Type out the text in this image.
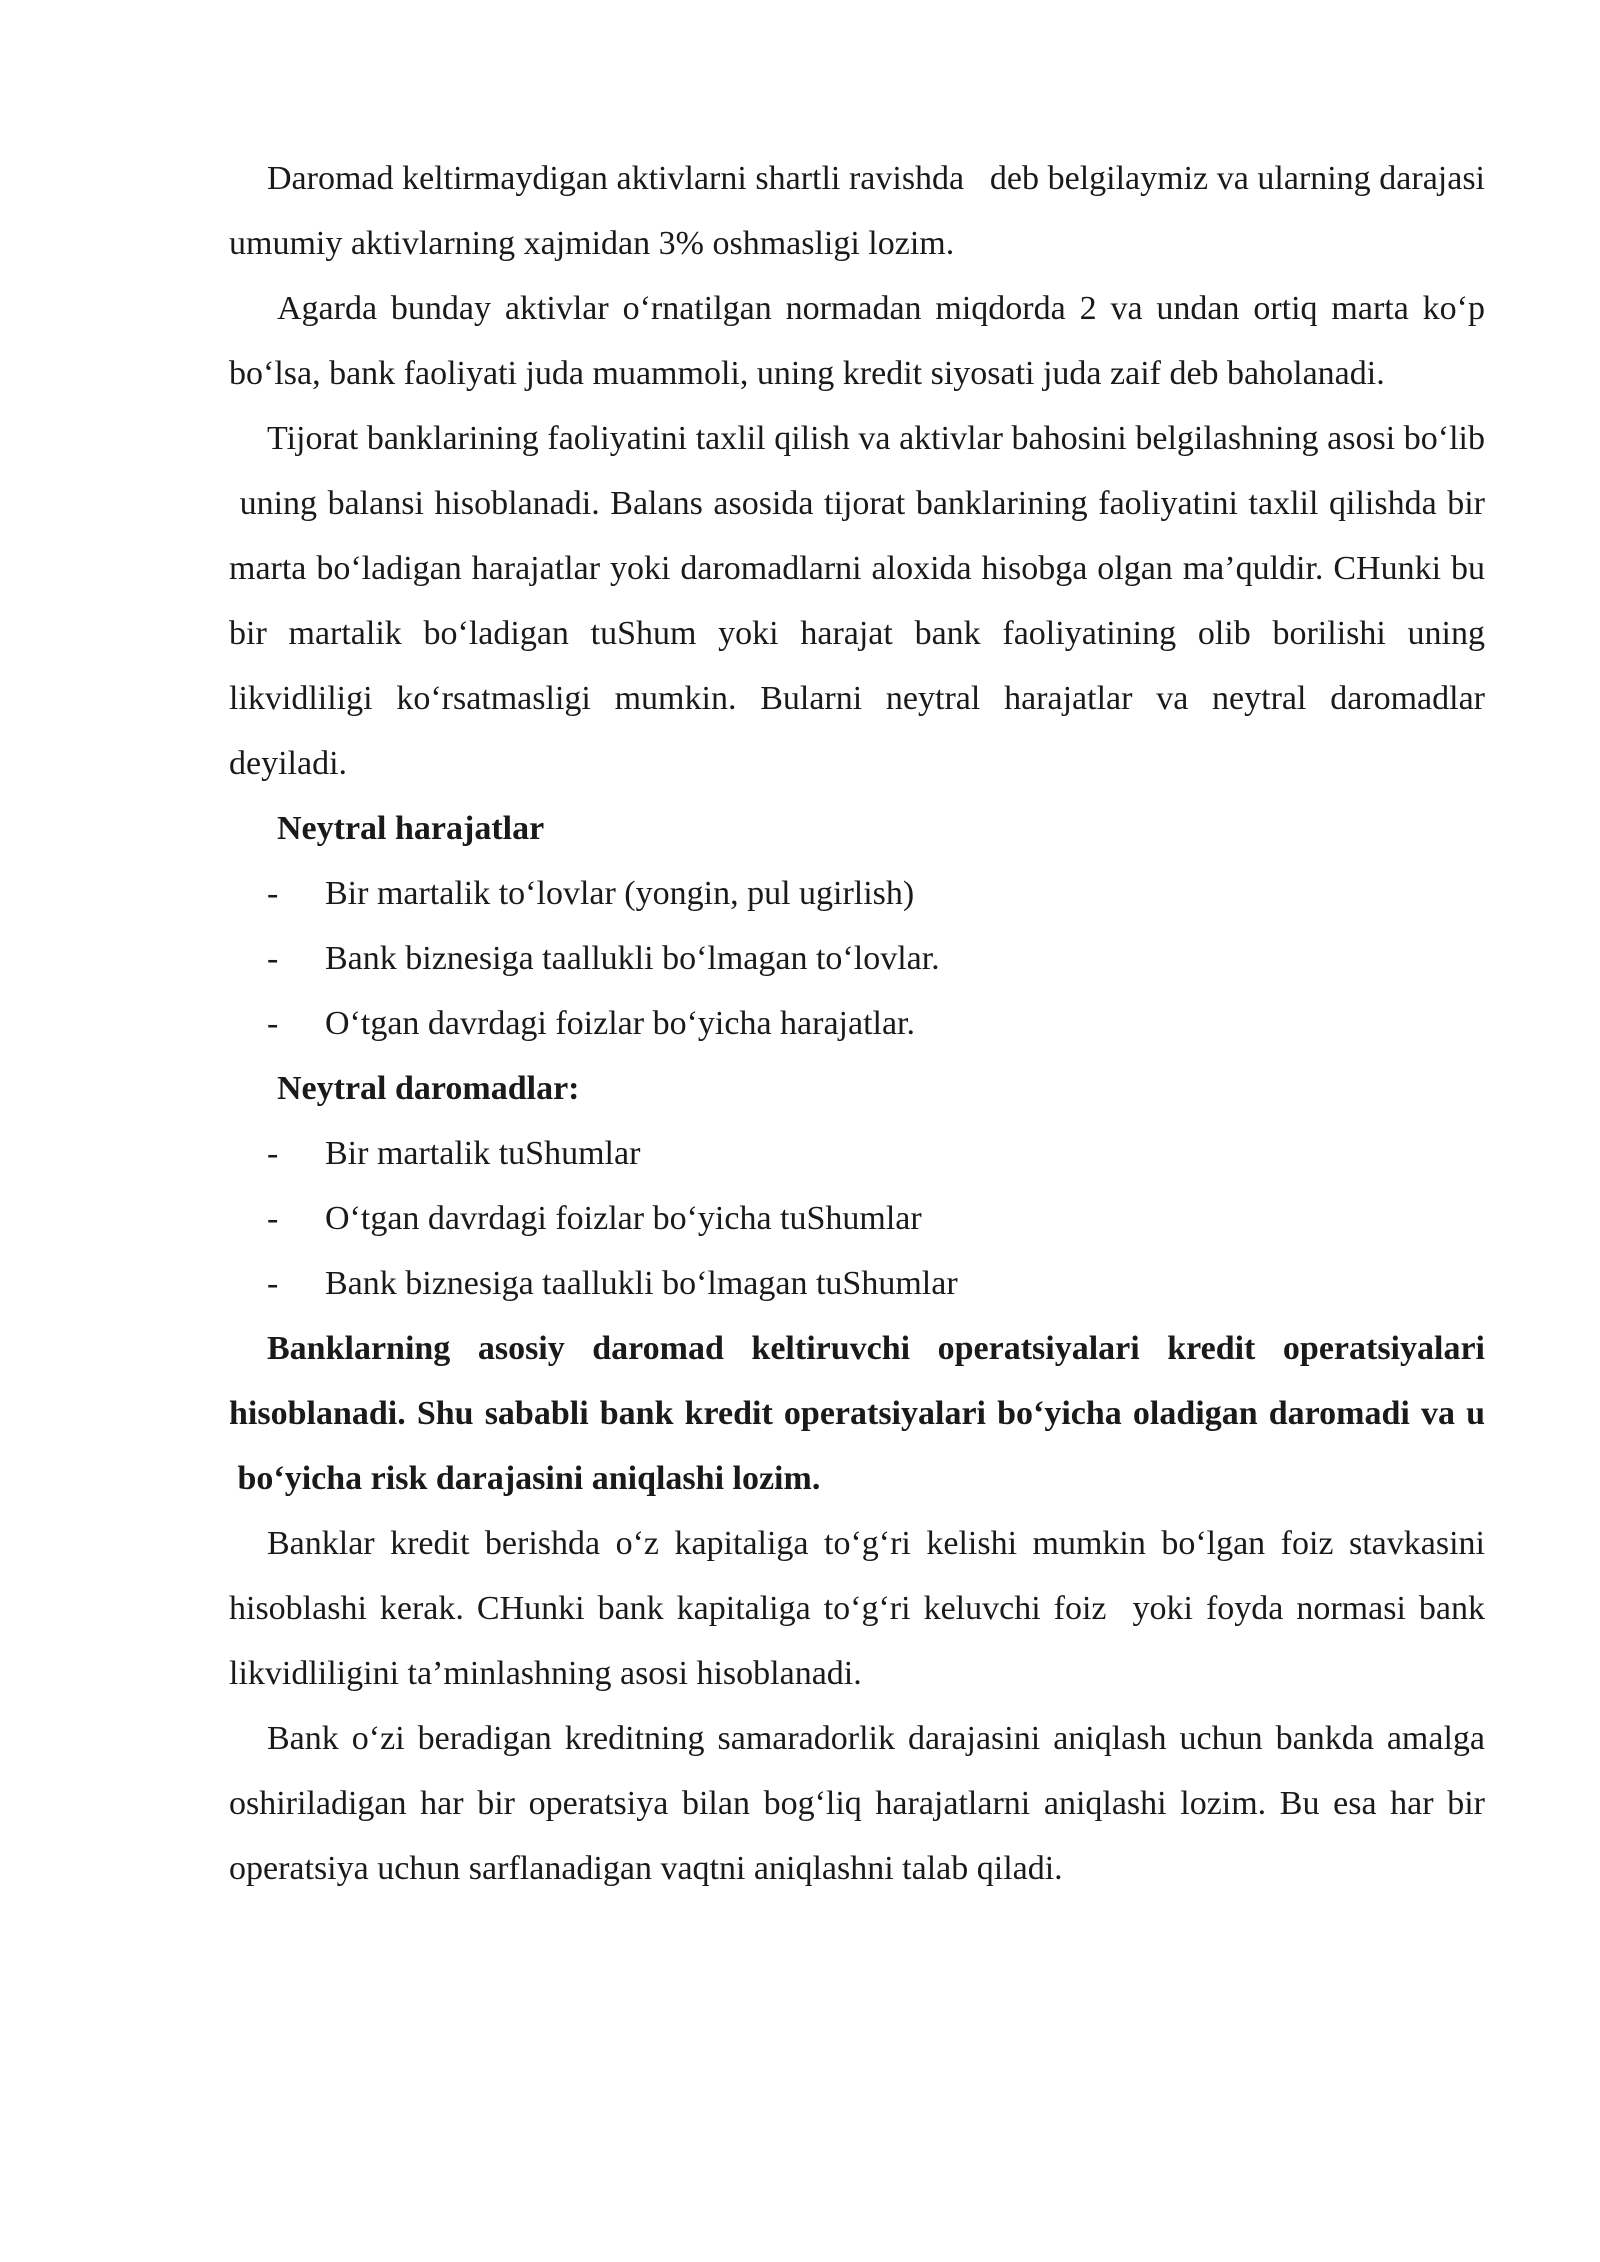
Daromad keltirmaydigan aktivlarni shartli ravishda   deb belgilaymiz va ularning darajasi umumiy aktivlarning xajmidan 3% oshmasligi lozim.

Agarda bunday aktivlar o‘rnatilgan normadan miqdorda 2 va undan ortiq marta ko‘p bo‘lsa, bank faoliyati juda muammoli, uning kredit siyosati juda zaif deb baholanadi.

Tijorat banklarining faoliyatini taxlil qilish va aktivlar bahosini belgilashning asosi bo‘lib  uning balansi hisoblanadi. Balans asosida tijorat banklarining faoliyatini taxlil qilishda bir marta bo‘ladigan harajatlar yoki daromadlarni aloxida hisobga olgan ma’quldir. CHunki bu bir martalik bo‘ladigan tuShum yoki harajat bank faoliyatining olib borilishi uning likvidliligi ko‘rsatmasligi mumkin. Bularni neytral harajatlar va neytral daromadlar deyiladi.

Neytral harajatlar

- Bir martalik to‘lovlar (yongin, pul ugirlish)
- Bank biznesiga taallukli bo‘lmagan to‘lovlar.
- O‘tgan davrdagi foizlar bo‘yicha harajatlar.

Neytral daromadlar:

- Bir martalik tuShumlar
- O‘tgan davrdagi foizlar bo‘yicha tuShumlar
- Bank biznesiga taallukli bo‘lmagan tuShumlar

Banklarning asosiy daromad keltiruvchi operatsiyalari kredit operatsiyalari hisoblanadi. Shu sababli bank kredit operatsiyalari bo‘yicha oladigan daromadi va u  bo‘yicha risk darajasini aniqlashi lozim.

Banklar kredit berishda o‘z kapitaliga to‘g‘ri kelishi mumkin bo‘lgan foiz stavkasini hisoblashi kerak. CHunki bank kapitaliga to‘g‘ri keluvchi foiz  yoki foyda normasi bank likvidliligini ta’minlashning asosi hisoblanadi.

Bank o‘zi beradigan kreditning samaradorlik darajasini aniqlash uchun bankda amalga oshiriladigan har bir operatsiya bilan bog‘liq harajatlarni aniqlashi lozim. Bu esa har bir operatsiya uchun sarflanadigan vaqtni aniqlashni talab qiladi.
